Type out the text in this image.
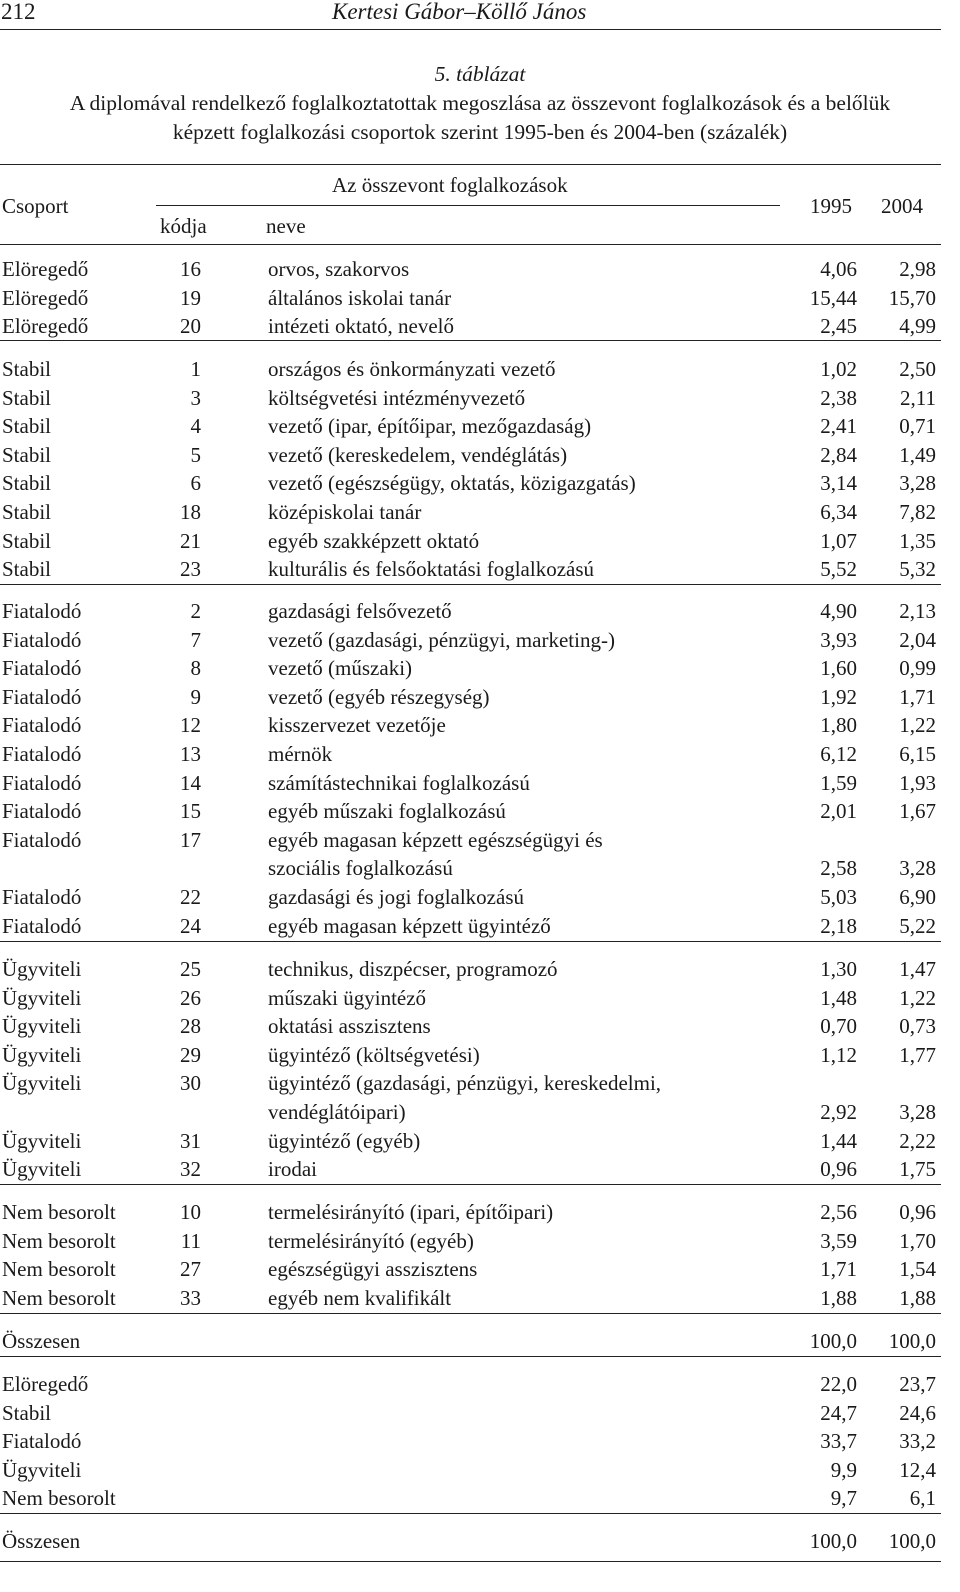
212	Kertesi Gábor–Köllő János
5. táblázat
A diplomával rendelkező foglalkoztatottak megoszlása az összevont foglalkozások és a belőlük
képzett foglalkozási csoportok szerint 1995-ben és 2004-ben (százalék)
Csoport
Az összevont foglalkozások
kódja	neve
1995 2004
Elöregedő	16	orvos, szakorvos	4,06 2,98
Elöregedő	19	általános iskolai tanár	15,44 15,70
Elöregedő	20	intézeti oktató, nevelő	2,45 4,99
Stabil	1	országos és önkormányzati vezető	1,02 2,50
Stabil	3	költségvetési intézményvezető	2,38 2,11
Stabil	4	vezető (ipar, építőipar, mezőgazdaság)	2,41 0,71
Stabil	5	vezető (kereskedelem, vendéglátás)	2,84 1,49
Stabil	6	vezető (egészségügy, oktatás, közigazgatás)	3,14 3,28
Stabil	18	középiskolai tanár	6,34 7,82
Stabil	21	egyéb szakképzett oktató	1,07 1,35
Stabil	23	kulturális és felsőoktatási foglalkozású	5,52 5,32
Fiatalodó	2	gazdasági felsővezető	4,90 2,13
Fiatalodó	7	vezető (gazdasági, pénzügyi, marketing-)	3,93 2,04
Fiatalodó	8	vezető (műszaki)	1,60 0,99
Fiatalodó	9	vezető (egyéb részegység)	1,92 1,71
Fiatalodó	12	kisszervezet vezetője	1,80 1,22
Fiatalodó	13	mérnök	6,12 6,15
Fiatalodó	14	számítástechnikai foglalkozású	1,59 1,93
Fiatalodó	15	egyéb műszaki foglalkozású	2,01 1,67
Fiatalodó	17	egyéb magasan képzett egészségügyi és
szociális foglalkozású	2,58 3,28
Fiatalodó	22	gazdasági és jogi foglalkozású	5,03 6,90
Fiatalodó	24	egyéb magasan képzett ügyintéző	2,18 5,22
Ügyviteli	25	technikus, diszpécser, programozó	1,30 1,47
Ügyviteli	26	műszaki ügyintéző	1,48 1,22
Ügyviteli	28	oktatási asszisztens	0,70 0,73
Ügyviteli	29	ügyintéző (költségvetési)	1,12 1,77
Ügyviteli	30	ügyintéző (gazdasági, pénzügyi, kereskedelmi,
vendéglátóipari)	2,92 3,28
Ügyviteli	31	ügyintéző (egyéb)	1,44 2,22
Ügyviteli	32	irodai	0,96 1,75
Nem besorolt	10	termelésirányító (ipari, építőipari)	2,56 0,96
Nem besorolt	11	termelésirányító (egyéb)	3,59 1,70
Nem besorolt	27	egészségügyi asszisztens	1,71 1,54
Nem besorolt	33	egyéb nem kvalifikált	1,88 1,88
Összesen	100,0 100,0
Elöregedő	22,0 23,7
Stabil	24,7 24,6
Fiatalodó	33,7 33,2
Ügyviteli	9,9 12,4
Nem besorolt	9,7	6,1
Összesen	100,0 100,0
